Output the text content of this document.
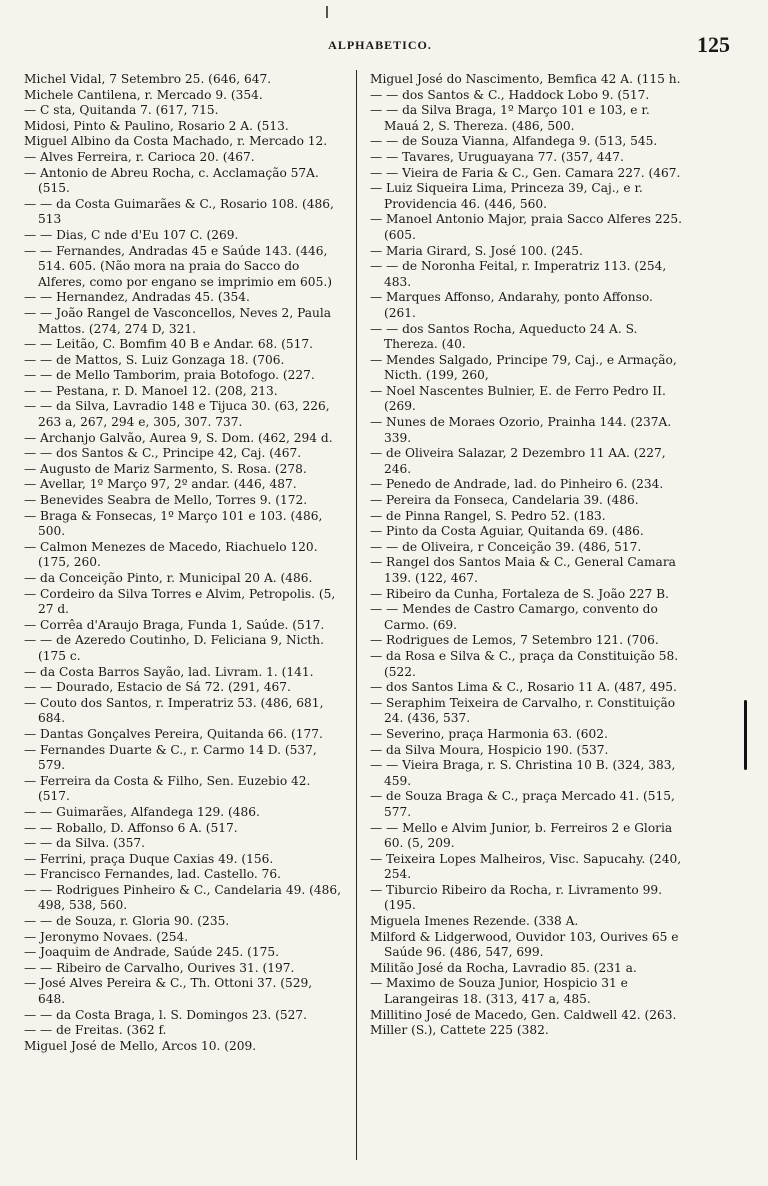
ALPHABETICO.	125

Michel Vidal, 7 Setembro 25. (646, 647.

Michele Cantilena, r. Mercado 9. (354.

— C sta, Quitanda 7. (617, 715.

Midosi, Pinto & Paulino, Rosario 2 A. (513.

Miguel Albino da Costa Machado, r. Mercado 12.

— Alves Ferreira, r. Carioca 20. (467.

— Antonio de Abreu Rocha, c. Acclamação 57A. (515.

— — da Costa Guimarães & C., Rosario 108. (486, 513

— — Dias, C nde d'Eu 107 C. (269.

— — Fernandes, Andradas 45 e Saúde 143. (446, 514. 605. (Não mora na praia do Sacco do Alferes, como por engano se imprimio em 605.)

— — Hernandez, Andradas 45. (354.

— — João Rangel de Vasconcellos, Neves 2, Paula Mattos. (274, 274 D, 321.

— — Leitão, C. Bomfim 40 B e Andar. 68. (517.

— — de Mattos, S. Luiz Gonzaga 18. (706.

— — de Mello Tamborim, praia Botofogo. (227.

— — Pestana, r. D. Manoel 12. (208, 213.

— — da Silva, Lavradio 148 e Tijuca 30. (63, 226, 263 a, 267, 294 e, 305, 307. 737.

— Archanjo Galvão, Aurea 9, S. Dom. (462, 294 d.

— — dos Santos & C., Principe 42, Caj. (467.

— Augusto de Mariz Sarmento, S. Rosa. (278.

— Avellar, 1º Março 97, 2º andar. (446, 487.

— Benevides Seabra de Mello, Torres 9. (172.

— Braga & Fonsecas, 1º Março 101 e 103. (486, 500.

— Calmon Menezes de Macedo, Riachuelo 120. (175, 260.

— da Conceição Pinto, r. Municipal 20 A. (486.

— Cordeiro da Silva Torres e Alvim, Petropolis. (5, 27 d.

— Corrêa d'Araujo Braga, Funda 1, Saúde. (517.

— — de Azeredo Coutinho, D. Feliciana 9, Nicth. (175 c.

— da Costa Barros Sayão, lad. Livram. 1. (141.

— — Dourado, Estacio de Sá 72. (291, 467.

— Couto dos Santos, r. Imperatriz 53. (486, 681, 684.

— Dantas Gonçalves Pereira, Quitanda 66. (177.

— Fernandes Duarte & C., r. Carmo 14 D. (537, 579.

— Ferreira da Costa & Filho, Sen. Euzebio 42. (517.

— — Guimarães, Alfandega 129. (486.

— — Roballo, D. Affonso 6 A. (517.

— — da Silva. (357.

— Ferrini, praça Duque Caxias 49. (156.

— Francisco Fernandes, lad. Castello. 76.

— — Rodrigues Pinheiro & C., Candelaria 49. (486, 498, 538, 560.

— — de Souza, r. Gloria 90. (235.

— Jeronymo Novaes. (254.

— Joaquim de Andrade, Saúde 245. (175.

— — Ribeiro de Carvalho, Ourives 31. (197.

— José Alves Pereira & C., Th. Ottoni 37. (529, 648.

— — da Costa Braga, l. S. Domingos 23. (527.

— — de Freitas. (362 f.

Miguel José de Mello, Arcos 10. (209.

Miguel José do Nascimento, Bemfica 42 A. (115 h.

— — dos Santos & C., Haddock Lobo 9. (517.

— — da Silva Braga, 1º Março 101 e 103, e r. Mauá 2, S. Thereza. (486, 500.

— — de Souza Vianna, Alfandega 9. (513, 545.

— — Tavares, Uruguayana 77. (357, 447.

— — Vieira de Faria & C., Gen. Camara 227. (467.

— Luiz Siqueira Lima, Princeza 39, Caj., e r. Providencia 46. (446, 560.

— Manoel Antonio Major, praia Sacco Alferes 225. (605.

— Maria Girard, S. José 100. (245.

— — de Noronha Feital, r. Imperatriz 113. (254, 483.

— Marques Affonso, Andarahy, ponto Affonso. (261.

— — dos Santos Rocha, Aqueducto 24 A. S. Thereza. (40.

— Mendes Salgado, Principe 79, Caj., e Armação, Nicth. (199, 260,

— Noel Nascentes Bulnier, E. de Ferro Pedro II. (269.

— Nunes de Moraes Ozorio, Prainha 144. (237A. 339.

— de Oliveira Salazar, 2 Dezembro 11 AA. (227, 246.

— Penedo de Andrade, lad. do Pinheiro 6. (234.

— Pereira da Fonseca, Candelaria 39. (486.

— de Pinna Rangel, S. Pedro 52. (183.

— Pinto da Costa Aguiar, Quitanda 69. (486.

— — de Oliveira, r Conceição 39. (486, 517.

— Rangel dos Santos Maia & C., General Camara 139. (122, 467.

— Ribeiro da Cunha, Fortaleza de S. João 227 B.

— — Mendes de Castro Camargo, convento do Carmo. (69.

— Rodrigues de Lemos, 7 Setembro 121. (706.

— da Rosa e Silva & C., praça da Constituição 58. (522.

— dos Santos Lima & C., Rosario 11 A. (487, 495.

— Seraphim Teixeira de Carvalho, r. Constituição 24. (436, 537.

— Severino, praça Harmonia 63. (602.

— da Silva Moura, Hospicio 190. (537.

— — Vieira Braga, r. S. Christina 10 B. (324, 383, 459.

— de Souza Braga & C., praça Mercado 41. (515, 577.

— — Mello e Alvim Junior, b. Ferreiros 2 e Gloria 60. (5, 209.

— Teixeira Lopes Malheiros, Visc. Sapucahy. (240, 254.

— Tiburcio Ribeiro da Rocha, r. Livramento 99. (195.

Miguela Imenes Rezende. (338 A.

Milford & Lidgerwood, Ouvidor 103, Ourives 65 e Saúde 96. (486, 547, 699.

Militão José da Rocha, Lavradio 85. (231 a.

— Maximo de Souza Junior, Hospicio 31 e Larangeiras 18. (313, 417 a, 485.

Millitino José de Macedo, Gen. Caldwell 42. (263.

Miller (S.), Cattete 225 (382.
